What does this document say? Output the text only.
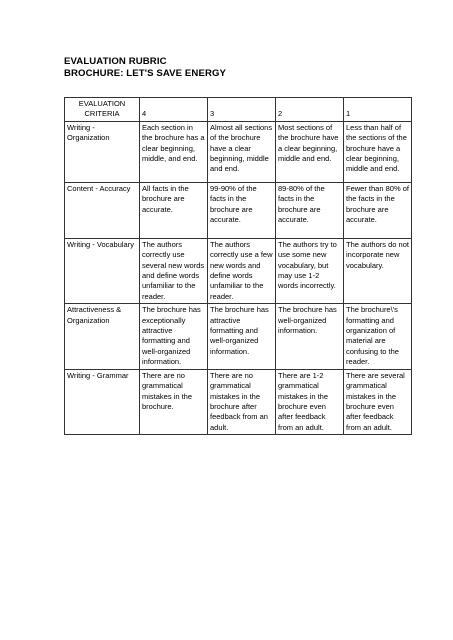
EVALUATION RUBRIC
BROCHURE: LET'S SAVE ENERGY
EVALUATION CRITERIA	4	3	2	1
Writing - Organization	Each section in the brochure has a clear beginning, middle, and end.	Almost all sections of the brochure have a clear beginning, middle and end.	Most sections of the brochure have a clear beginning, middle and end.	Less than half of the sections of the brochure have a clear beginning, middle and end.
Content - Accuracy	All facts in the brochure are accurate.	99-90% of the facts in the brochure are accurate.	89-80% of the facts in the brochure are accurate.	Fewer than 80% of the facts in the brochure are accurate.
Writing - Vocabulary	The authors correctly use several new words and define words unfamiliar to the reader.	The authors correctly use a few new words and define words unfamiliar to the reader.	The authors try to use some new vocabulary, but may use 1-2 words incorrectly.	The authors do not incorporate new vocabulary.
Attractiveness & Organization	The brochure has exceptionally attractive formatting and well-organized information.	The brochure has attractive formatting and well-organized information.	The brochure has well-organized information.	The brochure\'s formatting and organization of material are confusing to the reader.
Writing - Grammar	There are no grammatical mistakes in the brochure.	There are no grammatical mistakes in the brochure after feedback from an adult.	There are 1-2 grammatical mistakes in the brochure even after feedback from an adult.	There are several grammatical mistakes in the brochure even after feedback from an adult.
